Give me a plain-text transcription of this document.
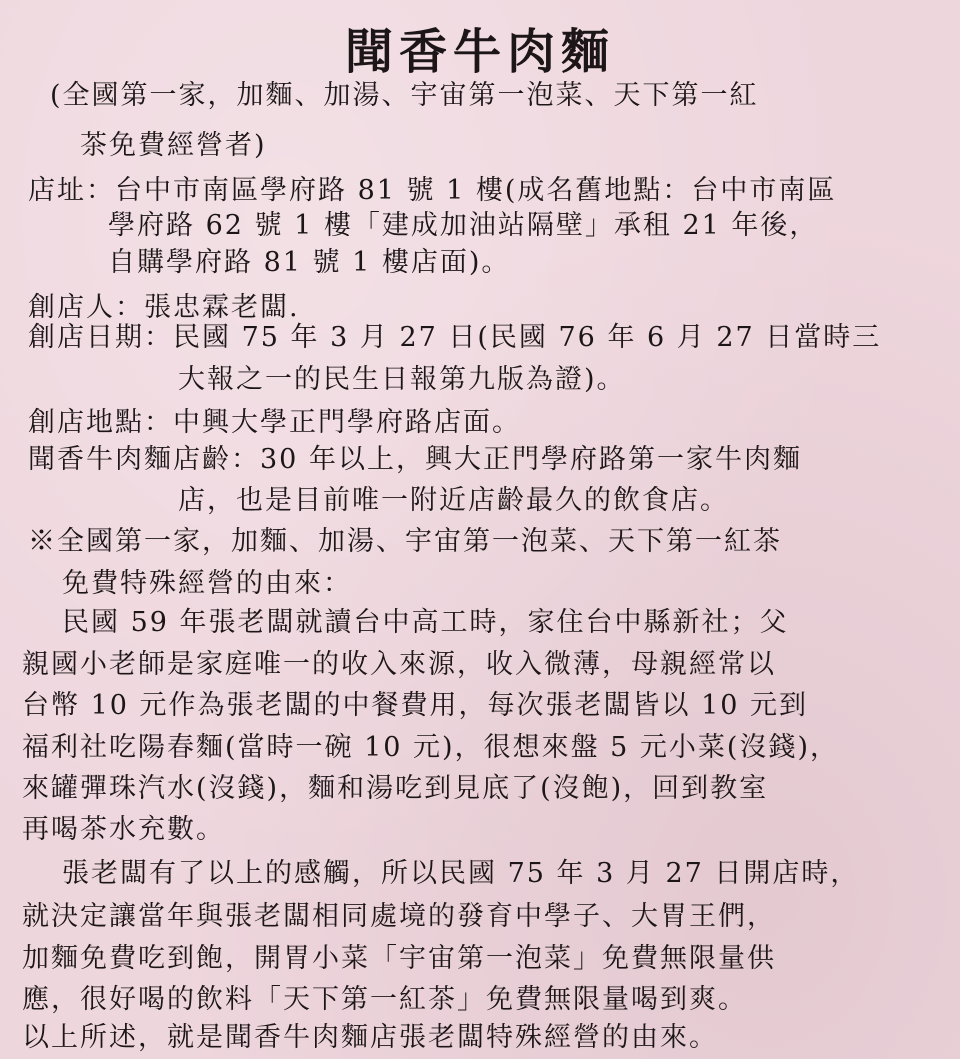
聞香牛肉麵
(全國第一家，加麵、加湯、宇宙第一泡菜、天下第一紅
茶免費經營者)
店址：台中市南區學府路 81 號 1 樓(成名舊地點：台中市南區
學府路 62 號 1 樓「建成加油站隔壁」承租 21 年後，
自購學府路 81 號 1 樓店面)。
創店人：張忠霖老闆.
創店日期：民國 75 年 3 月 27 日(民國 76 年 6 月 27 日當時三
大報之一的民生日報第九版為證)。
創店地點：中興大學正門學府路店面。
聞香牛肉麵店齡：30 年以上，興大正門學府路第一家牛肉麵
店，也是目前唯一附近店齡最久的飲食店。
※全國第一家，加麵、加湯、宇宙第一泡菜、天下第一紅茶
免費特殊經營的由來：
民國 59 年張老闆就讀台中高工時，家住台中縣新社；父
親國小老師是家庭唯一的收入來源，收入微薄，母親經常以
台幣 10 元作為張老闆的中餐費用，每次張老闆皆以 10 元到
福利社吃陽春麵(當時一碗 10 元)，很想來盤 5 元小菜(沒錢)，
來罐彈珠汽水(沒錢)，麵和湯吃到見底了(沒飽)，回到教室
再喝茶水充數。
張老闆有了以上的感觸，所以民國 75 年 3 月 27 日開店時，
就決定讓當年與張老闆相同處境的發育中學子、大胃王們，
加麵免費吃到飽，開胃小菜「宇宙第一泡菜」免費無限量供
應，很好喝的飲料「天下第一紅茶」免費無限量喝到爽。
以上所述，就是聞香牛肉麵店張老闆特殊經營的由來。
